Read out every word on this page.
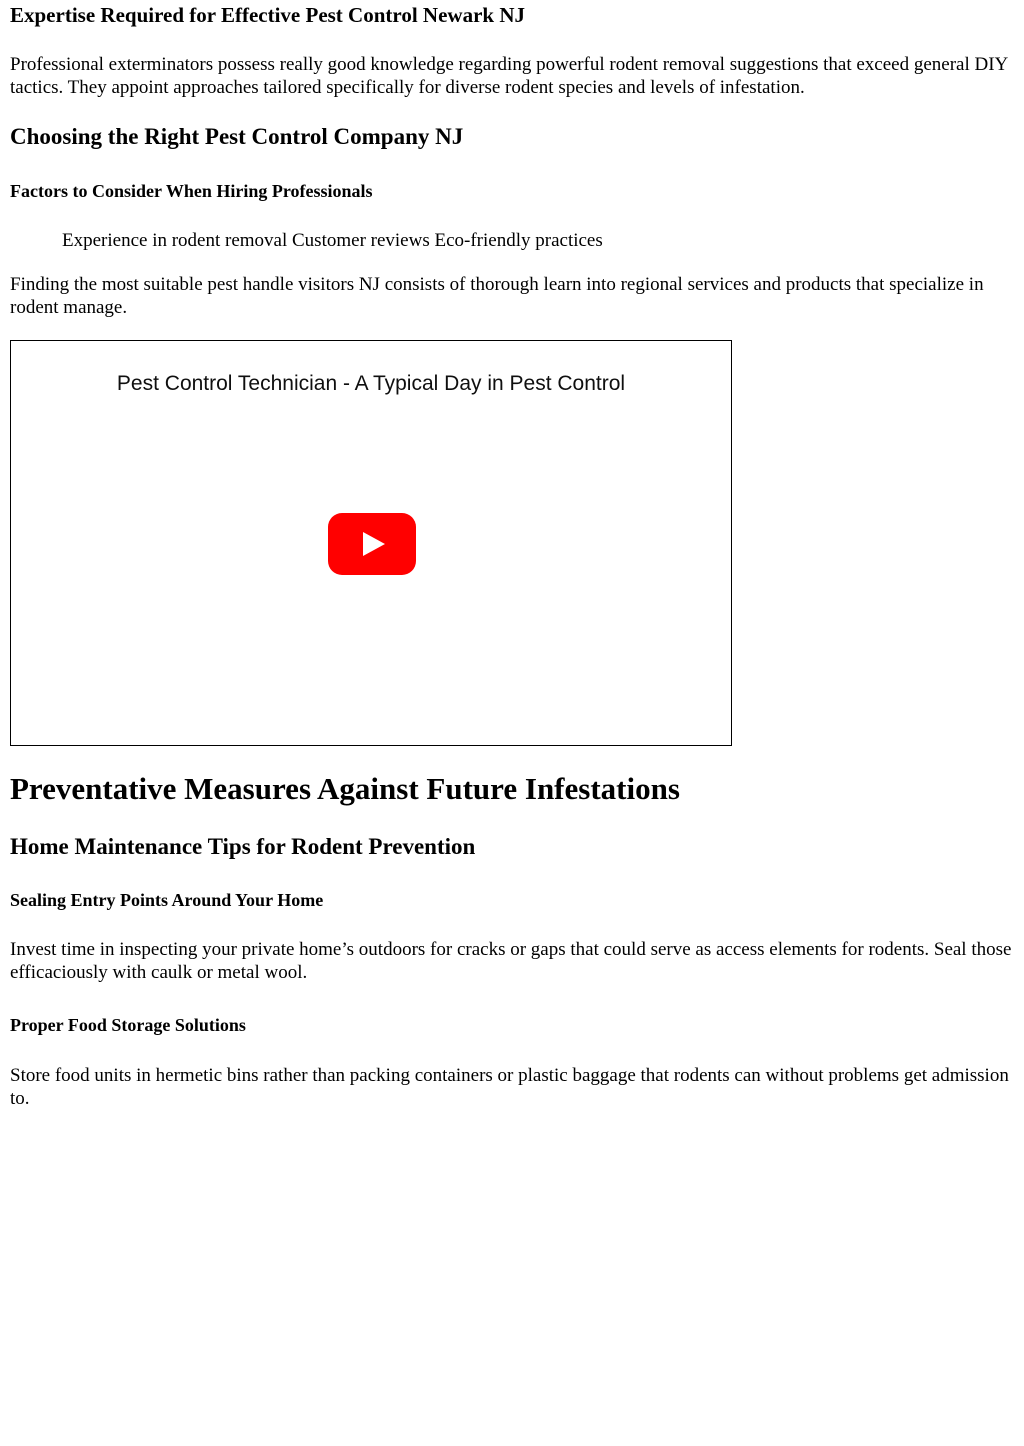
Expertise Required for Effective Pest Control Newark NJ

Professional exterminators possess really good knowledge regarding powerful rodent removal suggestions that exceed general DIY tactics. They appoint approaches tailored specifically for diverse rodent species and levels of infestation.

Choosing the Right Pest Control Company NJ
Factors to Consider When Hiring Professionals

Experience in rodent removal Customer reviews Eco-friendly practices

Finding the most suitable pest handle visitors NJ consists of thorough learn into regional services and products that specialize in rodent manage.

Pest Control Technician - A Typical Day in Pest Control
Preventative Measures Against Future Infestations
Home Maintenance Tips for Rodent Prevention
Sealing Entry Points Around Your Home

Invest time in inspecting your private home’s outdoors for cracks or gaps that could serve as access elements for rodents. Seal those efficaciously with caulk or metal wool.

Proper Food Storage Solutions

Store food units in hermetic bins rather than packing containers or plastic baggage that rodents can without problems get admission to.
